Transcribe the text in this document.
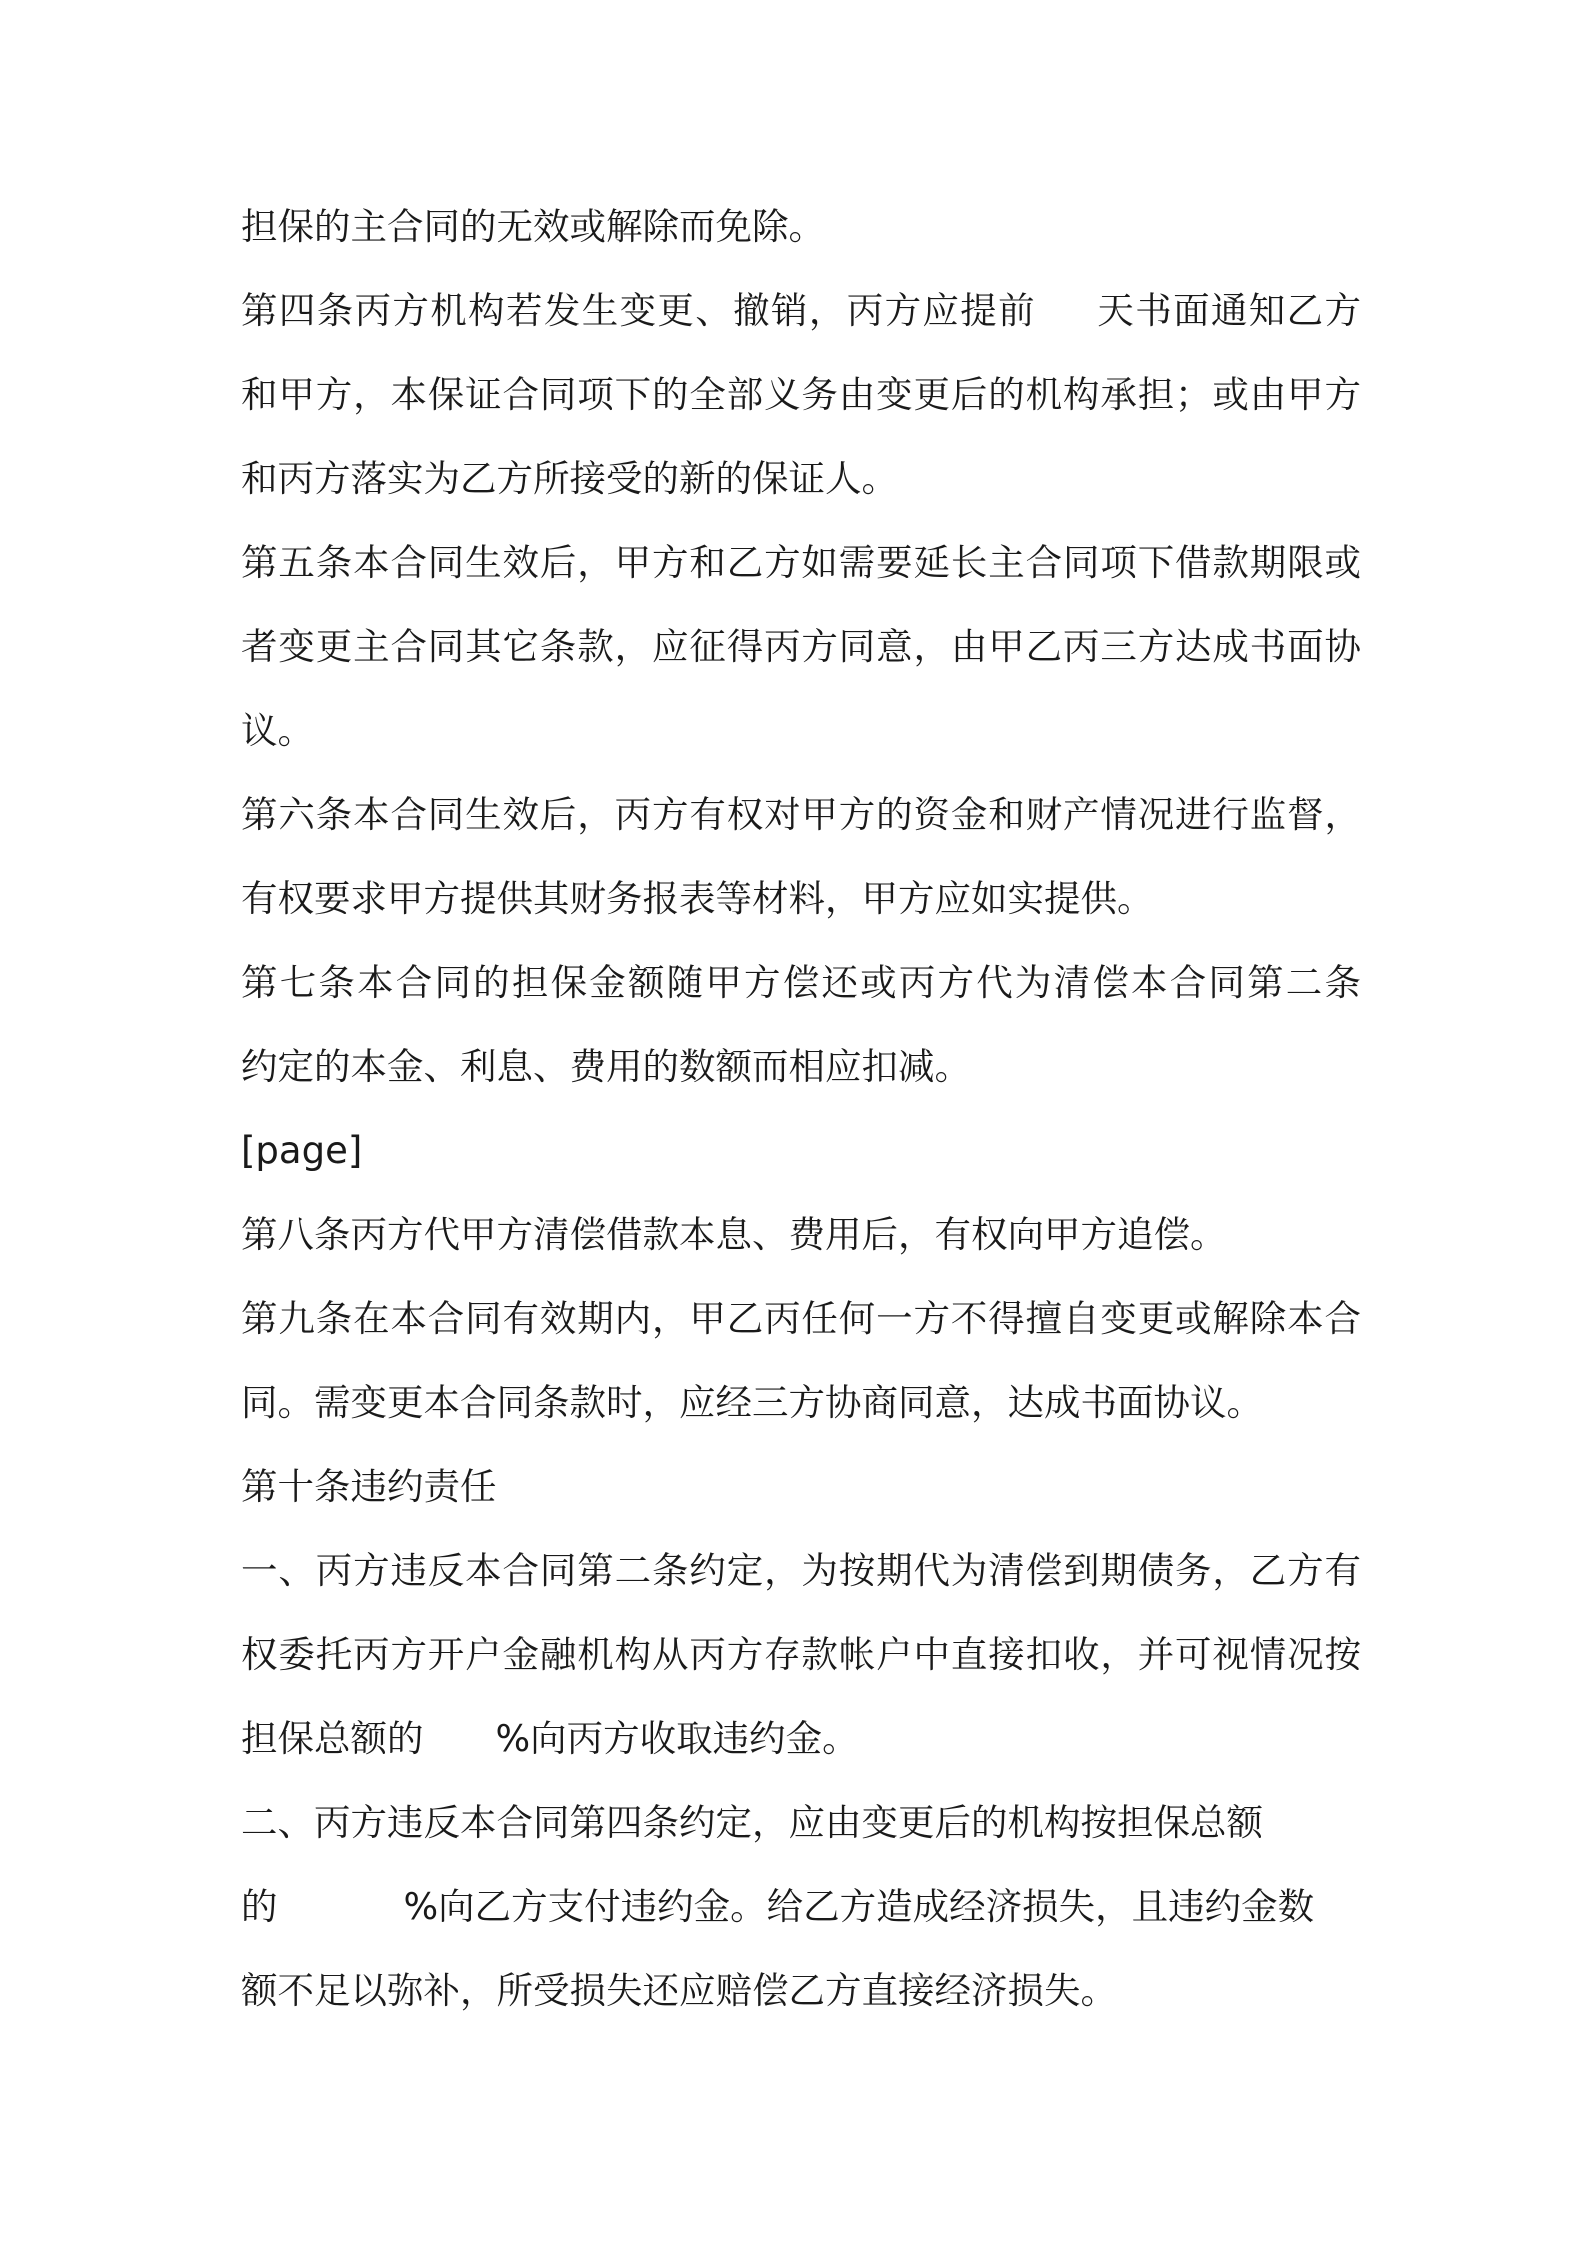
担保的主合同的无效或解除而免除。
第四条丙方机构若发生变更、撤销，丙方应提前 天书面通知乙方
和甲方，本保证合同项下的全部义务由变更后的机构承担；或由甲方
和丙方落实为乙方所接受的新的保证人。
第五条本合同生效后，甲方和乙方如需要延长主合同项下借款期限或
者变更主合同其它条款，应征得丙方同意，由甲乙丙三方达成书面协
议。
第六条本合同生效后，丙方有权对甲方的资金和财产情况进行监督，
有权要求甲方提供其财务报表等材料，甲方应如实提供。
第七条本合同的担保金额随甲方偿还或丙方代为清偿本合同第二条
约定的本金、利息、费用的数额而相应扣减。
[page]
第八条丙方代甲方清偿借款本息、费用后，有权向甲方追偿。
第九条在本合同有效期内，甲乙丙任何一方不得擅自变更或解除本合
同。需变更本合同条款时，应经三方协商同意，达成书面协议。
第十条违约责任
一、丙方违反本合同第二条约定，为按期代为清偿到期债务，乙方有
权委托丙方开户金融机构从丙方存款帐户中直接扣收，并可视情况按
担保总额的 %向丙方收取违约金。
二、丙方违反本合同第四条约定，应由变更后的机构按担保总额
的	%向乙方支付违约金。给乙方造成经济损失，且违约金数
额不足以弥补，所受损失还应赔偿乙方直接经济损失。
